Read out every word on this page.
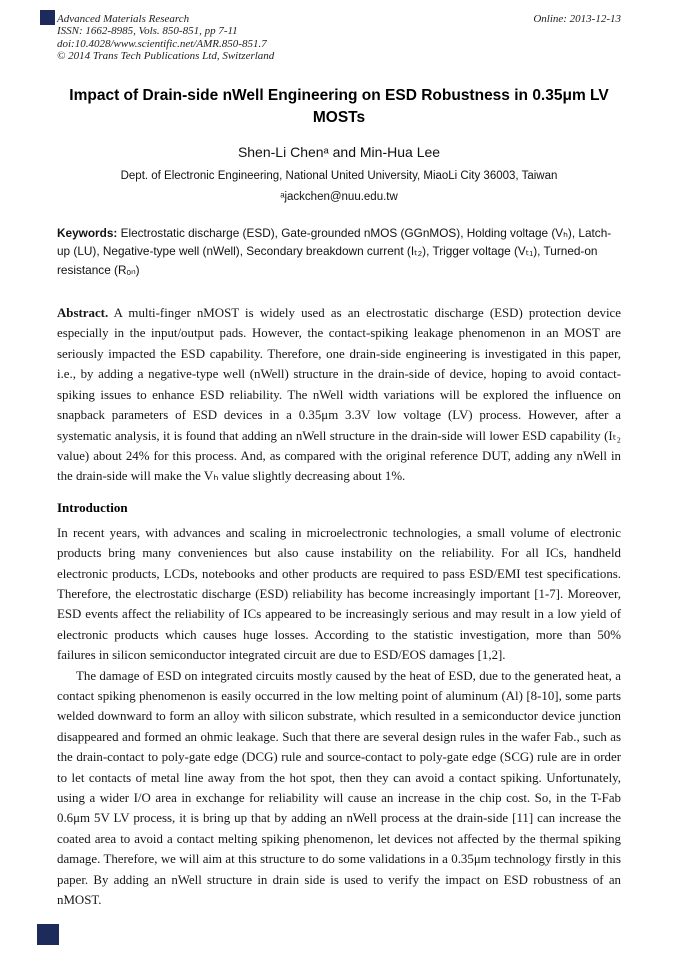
Advanced Materials Research
ISSN: 1662-8985, Vols. 850-851, pp 7-11
doi:10.4028/www.scientific.net/AMR.850-851.7
© 2014 Trans Tech Publications Ltd, Switzerland
Online: 2013-12-13
Impact of Drain-side nWell Engineering on ESD Robustness in 0.35μm LV MOSTs

Shen-Li Chenᵃ and Min-Hua Lee

Dept. of Electronic Engineering, National United University, MiaoLi City 36003, Taiwan

ᵃjackchen@nuu.edu.tw

Keywords: Electrostatic discharge (ESD), Gate-grounded nMOS (GGnMOS), Holding voltage (Vₕ), Latch-up (LU), Negative-type well (nWell), Secondary breakdown current (Iₜ₂), Trigger voltage (Vₜ₁), Turned-on resistance (Rₒₙ)

Abstract. A multi-finger nMOST is widely used as an electrostatic discharge (ESD) protection device especially in the input/output pads. However, the contact-spiking leakage phenomenon in an MOST are seriously impacted the ESD capability. Therefore, one drain-side engineering is investigated in this paper, i.e., by adding a negative-type well (nWell) structure in the drain-side of device, hoping to avoid contact-spiking issues to enhance ESD reliability. The nWell width variations will be explored the influence on snapback parameters of ESD devices in a 0.35μm 3.3V low voltage (LV) process. However, after a systematic analysis, it is found that adding an nWell structure in the drain-side will lower ESD capability (Iₜ₂ value) about 24% for this process. And, as compared with the original reference DUT, adding any nWell in the drain-side will make the Vₕ value slightly decreasing about 1%.

Introduction

In recent years, with advances and scaling in microelectronic technologies, a small volume of electronic products bring many conveniences but also cause instability on the reliability. For all ICs, handheld electronic products, LCDs, notebooks and other products are required to pass ESD/EMI test specifications. Therefore, the electrostatic discharge (ESD) reliability has become increasingly important [1-7]. Moreover, ESD events affect the reliability of ICs appeared to be increasingly serious and may result in a low yield of electronic products which causes huge losses. According to the statistic investigation, more than 50% failures in silicon semiconductor integrated circuit are due to ESD/EOS damages [1,2].

The damage of ESD on integrated circuits mostly caused by the heat of ESD, due to the generated heat, a contact spiking phenomenon is easily occurred in the low melting point of aluminum (Al) [8-10], some parts welded downward to form an alloy with silicon substrate, which resulted in a semiconductor device junction disappeared and formed an ohmic leakage. Such that there are several design rules in the wafer Fab., such as the drain-contact to poly-gate edge (DCG) rule and source-contact to poly-gate edge (SCG) rule are in order to let contacts of metal line away from the hot spot, then they can avoid a contact spiking. Unfortunately, using a wider I/O area in exchange for reliability will cause an increase in the chip cost. So, in the T-Fab 0.6μm 5V LV process, it is bring up that by adding an nWell process at the drain-side [11] can increase the coated area to avoid a contact melting spiking phenomenon, let devices not affected by the thermal spiking damage. Therefore, we will aim at this structure to do some validations in a 0.35μm technology firstly in this paper. By adding an nWell structure in drain side is used to verify the impact on ESD robustness of an nMOST.
